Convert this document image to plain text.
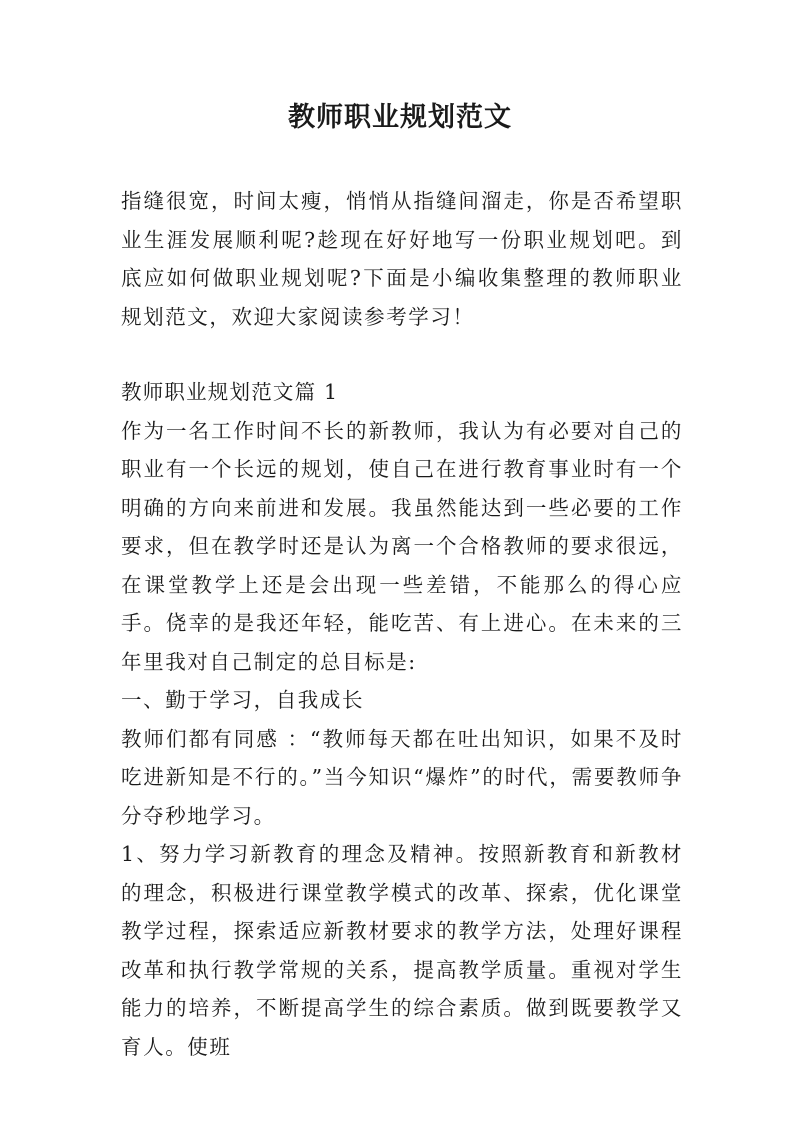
教师职业规划范文

指缝很宽，时间太瘦，悄悄从指缝间溜走，你是否希望职业生涯发展顺利呢?趁现在好好地写一份职业规划吧。到底应如何做职业规划呢?下面是小编收集整理的教师职业规划范文，欢迎大家阅读参考学习！

教师职业规划范文篇 1

作为一名工作时间不长的新教师，我认为有必要对自己的职业有一个长远的规划，使自己在进行教育事业时有一个明确的方向来前进和发展。我虽然能达到一些必要的工作要求，但在教学时还是认为离一个合格教师的要求很远，在课堂教学上还是会出现一些差错，不能那么的得心应手。侥幸的是我还年轻，能吃苦、有上进心。在未来的三年里我对自己制定的总目标是:

一、勤于学习，自我成长

教师们都有同感 ：“教师每天都在吐出知识，如果不及时吃进新知是不行的。”当今知识“爆炸”的时代，需要教师争分夺秒地学习。

1、努力学习新教育的理念及精神。按照新教育和新教材的理念，积极进行课堂教学模式的改革、探索，优化课堂教学过程，探索适应新教材要求的教学方法，处理好课程改革和执行教学常规的关系，提高教学质量。重视对学生能力的培养，不断提高学生的综合素质。做到既要教学又育人。使班
